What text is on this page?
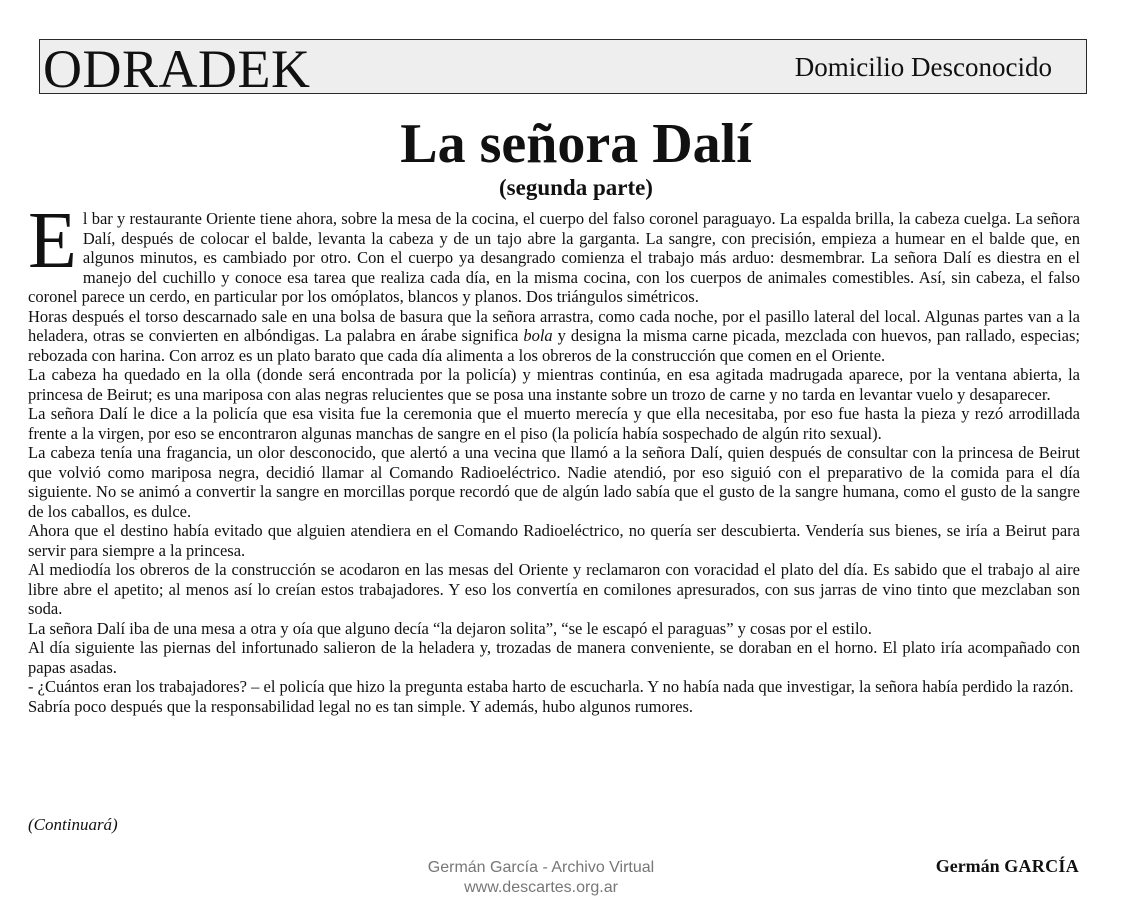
ODRADEK	Domicilio Desconocido
La señora Dalí
(segunda parte)

El bar y restaurante Oriente tiene ahora, sobre la mesa de la cocina, el cuerpo del falso coronel paraguayo. La espalda brilla, la cabeza cuelga. La señora Dalí, después de colocar el balde, levanta la cabeza y de un tajo abre la garganta. La sangre, con precisión, empieza a humear en el balde que, en algunos minutos, es cambiado por otro. Con el cuerpo ya desangrado comienza el trabajo más arduo: desmembrar. La señora Dalí es diestra en el manejo del cuchillo y conoce esa tarea que realiza cada día, en la misma cocina, con los cuerpos de animales comestibles. Así, sin cabeza, el falso coronel parece un cerdo, en particular por los omóplatos, blancos y planos. Dos triángulos simétricos.

Horas después el torso descarnado sale en una bolsa de basura que la señora arrastra, como cada noche, por el pasillo lateral del local. Algunas partes van a la heladera, otras se convierten en albóndigas. La palabra en árabe significa bola y designa la misma carne picada, mezclada con huevos, pan rallado, especias; rebozada con harina. Con arroz es un plato barato que cada día alimenta a los obreros de la construcción que comen en el Oriente.

La cabeza ha quedado en la olla (donde será encontrada por la policía) y mientras continúa, en esa agitada madrugada aparece, por la ventana abierta, la princesa de Beirut; es una mariposa con alas negras relucientes que se posa una instante sobre un trozo de carne y no tarda en levantar vuelo y desaparecer.

La señora Dalí le dice a la policía que esa visita fue la ceremonia que el muerto merecía y que ella necesitaba, por eso fue hasta la pieza y rezó arrodillada frente a la virgen, por eso se encontraron algunas manchas de sangre en el piso (la policía había sospechado de algún rito sexual).

La cabeza tenía una fragancia, un olor desconocido, que alertó a una vecina que llamó a la señora Dalí, quien después de consultar con la princesa de Beirut que volvió como mariposa negra, decidió llamar al Comando Radioeléctrico. Nadie atendió, por eso siguió con el preparativo de la comida para el día siguiente. No se animó a convertir la sangre en morcillas porque recordó que de algún lado sabía que el gusto de la sangre humana, como el gusto de la sangre de los caballos, es dulce.

Ahora que el destino había evitado que alguien atendiera en el Comando Radioeléctrico, no quería ser descubierta. Vendería sus bienes, se iría a Beirut para servir para siempre a la princesa.

Al mediodía los obreros de la construcción se acodaron en las mesas del Oriente y reclamaron con voracidad el plato del día. Es sabido que el trabajo al aire libre abre el apetito; al menos así lo creían estos trabajadores. Y eso los convertía en comilones apresurados, con sus jarras de vino tinto que mezclaban son soda.

La señora Dalí iba de una mesa a otra y oía que alguno decía “la dejaron solita”, “se le escapó el paraguas” y cosas por el estilo.

Al día siguiente las piernas del infortunado salieron de la heladera y, trozadas de manera conveniente, se doraban en el horno. El plato iría acompañado con papas asadas.

- ¿Cuántos eran los trabajadores? – el policía que hizo la pregunta estaba harto de escucharla. Y no había nada que investigar, la señora había perdido la razón.

Sabría poco después que la responsabilidad legal no es tan simple. Y además, hubo algunos rumores.

(Continuará)
Germán García - Archivo Virtual
www.descartes.org.ar
Germán GARCÍA
